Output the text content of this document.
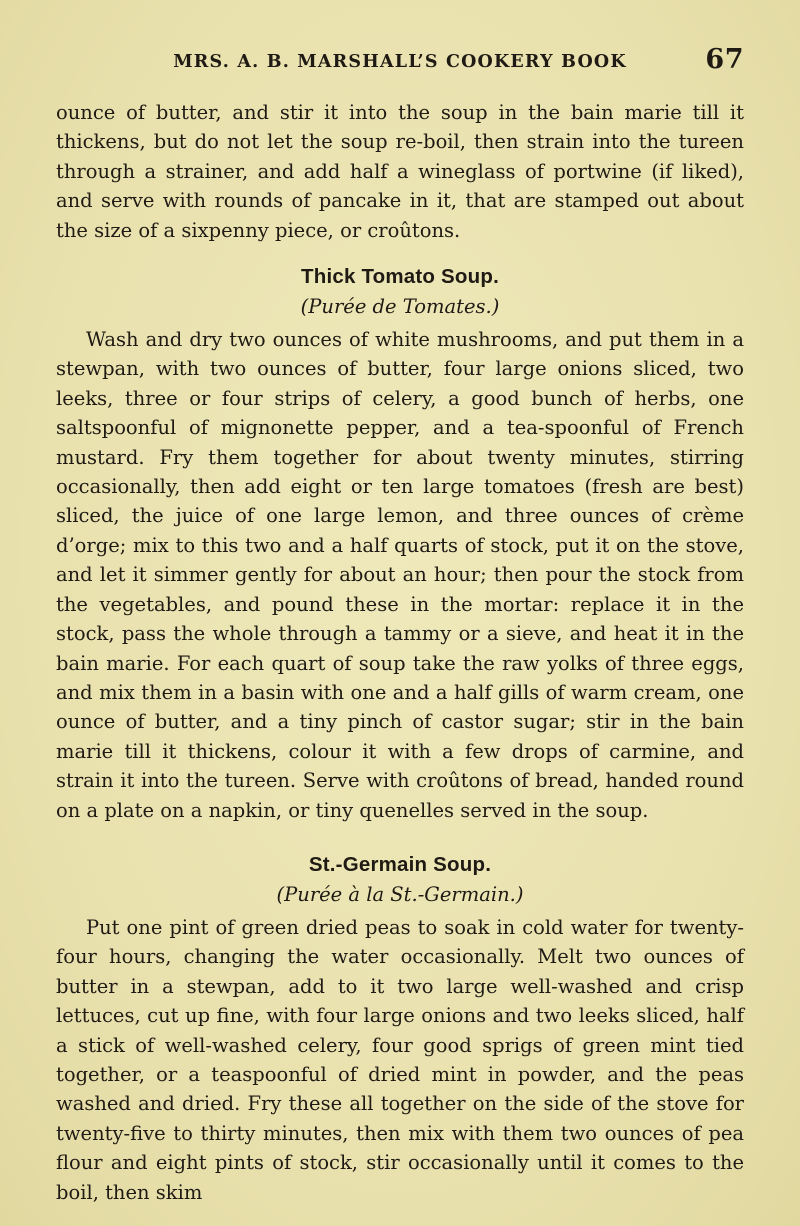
MRS. A. B. MARSHALL’S COOKERY BOOK	67

ounce of butter, and stir it into the soup in the bain marie till it thickens, but do not let the soup re-boil, then strain into the tureen through a strainer, and add half a wineglass of portwine (if liked), and serve with rounds of pancake in it, that are stamped out about the size of a sixpenny piece, or croûtons.

Thick Tomato Soup.
(Purée de Tomates.)

Wash and dry two ounces of white mushrooms, and put them in a stewpan, with two ounces of butter, four large onions sliced, two leeks, three or four strips of celery, a good bunch of herbs, one saltspoonful of mignonette pepper, and a tea-spoonful of French mustard. Fry them together for about twenty minutes, stirring occasionally, then add eight or ten large tomatoes (fresh are best) sliced, the juice of one large lemon, and three ounces of crème d’orge; mix to this two and a half quarts of stock, put it on the stove, and let it simmer gently for about an hour; then pour the stock from the vegetables, and pound these in the mortar: replace it in the stock, pass the whole through a tammy or a sieve, and heat it in the bain marie. For each quart of soup take the raw yolks of three eggs, and mix them in a basin with one and a half gills of warm cream, one ounce of butter, and a tiny pinch of castor sugar; stir in the bain marie till it thickens, colour it with a few drops of carmine, and strain it into the tureen. Serve with croûtons of bread, handed round on a plate on a napkin, or tiny quenelles served in the soup.

St.-Germain Soup.
(Purée à la St.-Germain.)

Put one pint of green dried peas to soak in cold water for twenty-four hours, changing the water occasionally. Melt two ounces of butter in a stewpan, add to it two large well-washed and crisp lettuces, cut up fine, with four large onions and two leeks sliced, half a stick of well-washed celery, four good sprigs of green mint tied together, or a teaspoonful of dried mint in powder, and the peas washed and dried. Fry these all together on the side of the stove for twenty-five to thirty minutes, then mix with them two ounces of pea flour and eight pints of stock, stir occasionally until it comes to the boil, then skim
